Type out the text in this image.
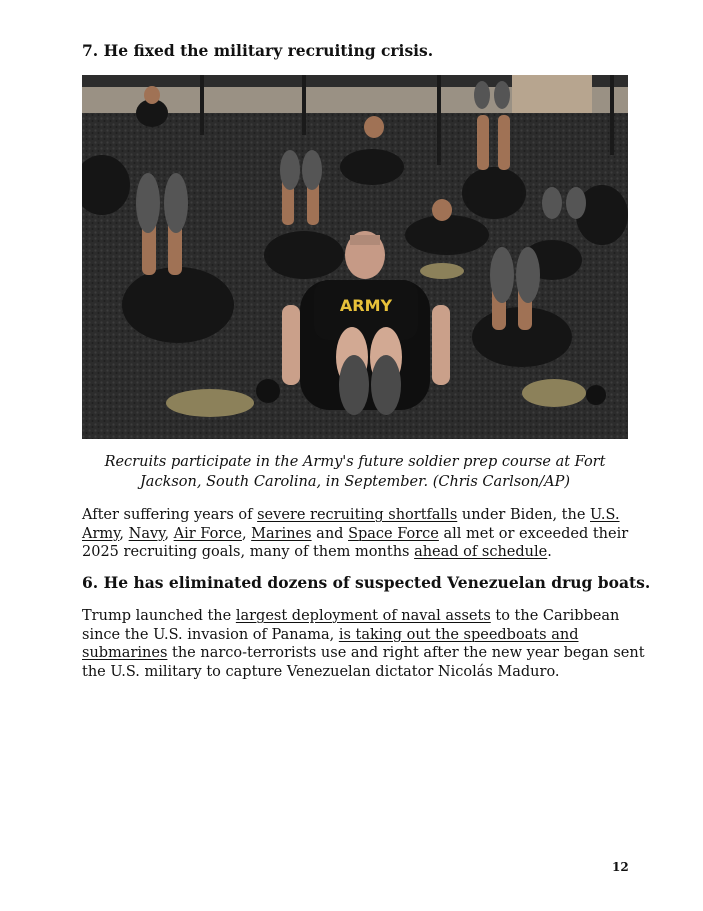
7. He fixed the military recruiting crisis.
ARMY

Recruits participate in the Army's future soldier prep course at Fort
Jackson, South Carolina, in September. (Chris Carlson/AP)

After suffering years of severe recruiting shortfalls under Biden, the U.S.
Army, Navy, Air Force, Marines and Space Force all met or exceeded their
2025 recruiting goals, many of them months ahead of schedule.

6. He has eliminated dozens of suspected Venezuelan drug boats.

Trump launched the largest deployment of naval assets to the Caribbean
since the U.S. invasion of Panama, is taking out the speedboats and
submarines the narco-terrorists use and right after the new year began sent
the U.S. military to capture Venezuelan dictator Nicolás Maduro.

12
